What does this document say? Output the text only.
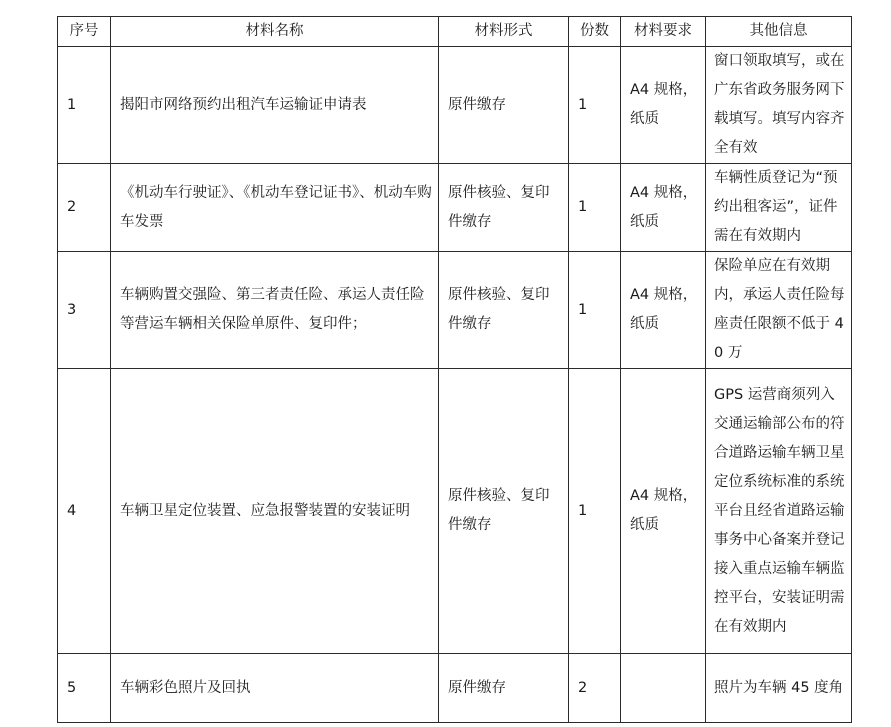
序号	材料名称	材料形式	份数	材料要求	其他信息
1	揭阳市网络预约出租汽车运输证申请表	原件缴存	1	A4 规格，纸质	窗口领取填写，或在广东省政务服务网下载填写。填写内容齐全有效
2	《机动车行驶证》、《机动车登记证书》、机动车购车发票	原件核验、复印件缴存	1	A4 规格，纸质	车辆性质登记为“预约出租客运”，证件需在有效期内
3	车辆购置交强险、第三者责任险、承运人责任险等营运车辆相关保险单原件、复印件；	原件核验、复印件缴存	1	A4 规格，纸质	保险单应在有效期内，承运人责任险每座责任限额不低于 40 万
4	车辆卫星定位装置、应急报警装置的安装证明	原件核验、复印件缴存	1	A4 规格，纸质	GPS 运营商须列入交通运输部公布的符合道路运输车辆卫星定位系统标准的系统平台且经省道路运输事务中心备案并登记接入重点运输车辆监控平台，安装证明需在有效期内
5	车辆彩色照片及回执	原件缴存	2		照片为车辆 45 度角
